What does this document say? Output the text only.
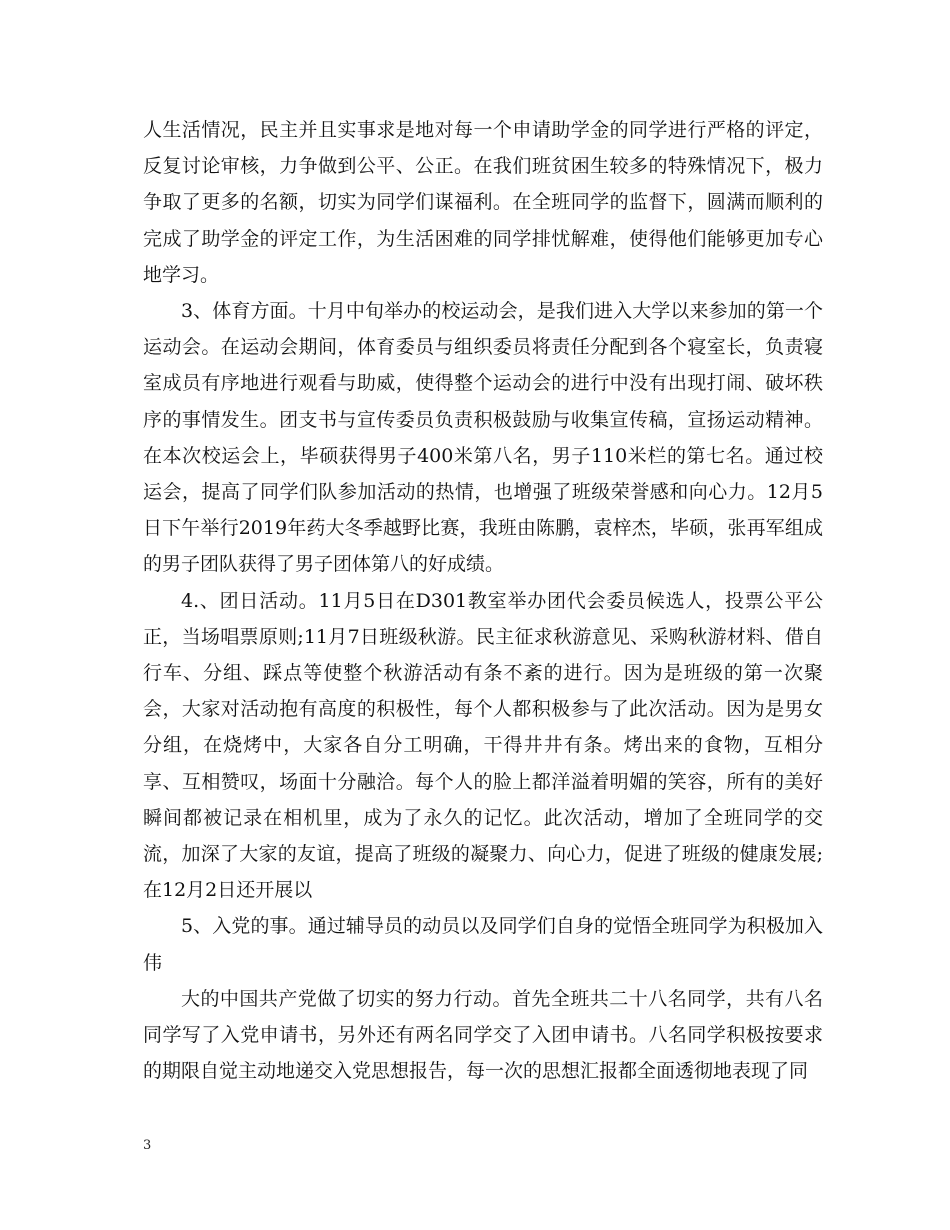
人生活情况，民主并且实事求是地对每一个申请助学金的同学进行严格的评定，反复讨论审核，力争做到公平、公正。在我们班贫困生较多的特殊情况下，极力争取了更多的名额，切实为同学们谋福利。在全班同学的监督下，圆满而顺利的完成了助学金的评定工作，为生活困难的同学排忧解难，使得他们能够更加专心地学习。

3、体育方面。十月中旬举办的校运动会，是我们进入大学以来参加的第一个运动会。在运动会期间，体育委员与组织委员将责任分配到各个寝室长，负责寝室成员有序地进行观看与助威，使得整个运动会的进行中没有出现打闹、破坏秩序的事情发生。团支书与宣传委员负责积极鼓励与收集宣传稿，宣扬运动精神。在本次校运会上，毕硕获得男子400米第八名，男子110米栏的第七名。通过校运会，提高了同学们队参加活动的热情，也增强了班级荣誉感和向心力。12月5日下午举行2019年药大冬季越野比赛，我班由陈鹏，袁梓杰，毕硕，张再军组成的男子团队获得了男子团体第八的好成绩。

4.、团日活动。11月5日在D301教室举办团代会委员候选人，投票公平公正，当场唱票原则;11月7日班级秋游。民主征求秋游意见、采购秋游材料、借自行车、分组、踩点等使整个秋游活动有条不紊的进行。因为是班级的第一次聚会，大家对活动抱有高度的积极性，每个人都积极参与了此次活动。因为是男女分组，在烧烤中，大家各自分工明确，干得井井有条。烤出来的食物，互相分享、互相赞叹，场面十分融洽。每个人的脸上都洋溢着明媚的笑容，所有的美好瞬间都被记录在相机里，成为了永久的记忆。此次活动，增加了全班同学的交流，加深了大家的友谊，提高了班级的凝聚力、向心力，促进了班级的健康发展;在12月2日还开展以

5、入党的事。通过辅导员的动员以及同学们自身的觉悟全班同学为积极加入伟

大的中国共产党做了切实的努力行动。首先全班共二十八名同学，共有八名同学写了入党申请书，另外还有两名同学交了入团申请书。八名同学积极按要求的期限自觉主动地递交入党思想报告，每一次的思想汇报都全面透彻地表现了同

3
